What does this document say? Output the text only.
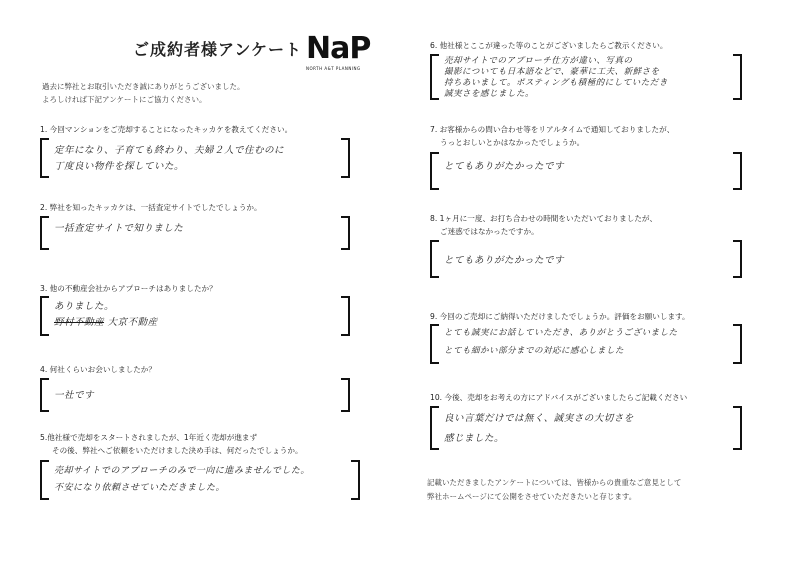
ご成約者様アンケート NaP
NORTH A&T PLANNING
過去に弊社とお取引いただき誠にありがとうございました。
よろしければ下記アンケートにご協力ください。
1. 今回マンションをご売却することになったキッカケを教えてください。
定年になり、子育ても終わり、夫婦２人で住むのに
丁度良い物件を探していた。
2. 弊社を知ったキッカケは、一括査定サイトでしたでしょうか。
一括査定サイトで知りました
3. 他の不動産会社からアプローチはありましたか？
ありました。
野村不動産 大京不動産
4. 何社くらいお会いしましたか？
一社です
5.他社様で売却をスタートされましたが、1年近く売却が進まず
その後、弊社へご依頼をいただけました決め手は、何だったでしょうか。
売却サイトでのアプローチのみで一向に進みませんでした。
不安になり依頼させていただきました。
6. 他社様とここが違った等のことがございましたらご教示ください。
売却サイトでのアプローチ仕方が違い、写真の
撮影についても日本語などで、豪華に工夫、新鮮さを
持ちあいまして。ポスティングも積極的にしていただき
誠実さを感じました。
7. お客様からの問い合わせ等をリアルタイムで通知しておりましたが、
うっとおしいとかはなかったでしょうか。
とてもありがたかったです
8. 1ヶ月に一度、お打ち合わせの時間をいただいておりましたが、
ご迷惑ではなかったですか。
とてもありがたかったです
9. 今回のご売却にご納得いただけましたでしょうか。評価をお願いします。
とても誠実にお話していただき、ありがとうございました
とても細かい部分までの対応に感心しました
10. 今後、売却をお考えの方にアドバイスがございましたらご記載ください
良い言葉だけでは無く、誠実さの大切さを
感じました。
記載いただきましたアンケートについては、皆様からの貴重なご意見として
弊社ホームページにて公開をさせていただきたいと存じます。
